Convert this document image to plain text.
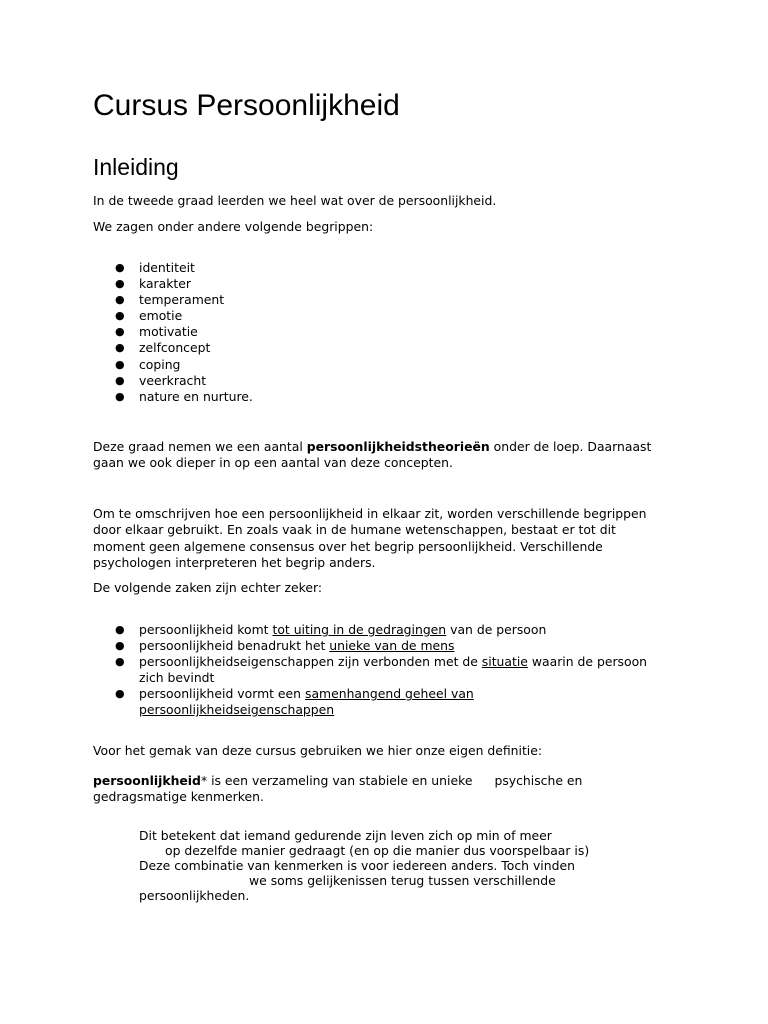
Cursus Persoonlijkheid
Inleiding

In de tweede graad leerden we heel wat over de persoonlijkheid.

We zagen onder andere volgende begrippen:

● identiteit
● karakter
● temperament
● emotie
● motivatie
● zelfconcept
● coping
● veerkracht
● nature en nurture.

Deze graad nemen we een aantal persoonlijkheidstheorieën onder de loep. Daarnaast
gaan we ook dieper in op een aantal van deze concepten.

Om te omschrijven hoe een persoonlijkheid in elkaar zit, worden verschillende begrippen
door elkaar gebruikt. En zoals vaak in de humane wetenschappen, bestaat er tot dit
moment geen algemene consensus over het begrip persoonlijkheid. Verschillende
psychologen interpreteren het begrip anders.

De volgende zaken zijn echter zeker:

● persoonlijkheid komt tot uiting in de gedragingen van de persoon
● persoonlijkheid benadrukt het unieke van de mens
● persoonlijkheidseigenschappen zijn verbonden met de situatie waarin de persoon
zich bevindt
● persoonlijkheid vormt een samenhangend geheel van
persoonlijkheidseigenschappen

Voor het gemak van deze cursus gebruiken we hier onze eigen definitie:

persoonlijkheid* is een verzameling van stabiele en unieke psychische en
gedragsmatige kenmerken.

Dit betekent dat iemand gedurende zijn leven zich op min of meer

op dezelfde manier gedraagt (en op die manier dus voorspelbaar is)

Deze combinatie van kenmerken is voor iedereen anders. Toch vinden

we soms gelijkenissen terug tussen verschillende

persoonlijkheden.
